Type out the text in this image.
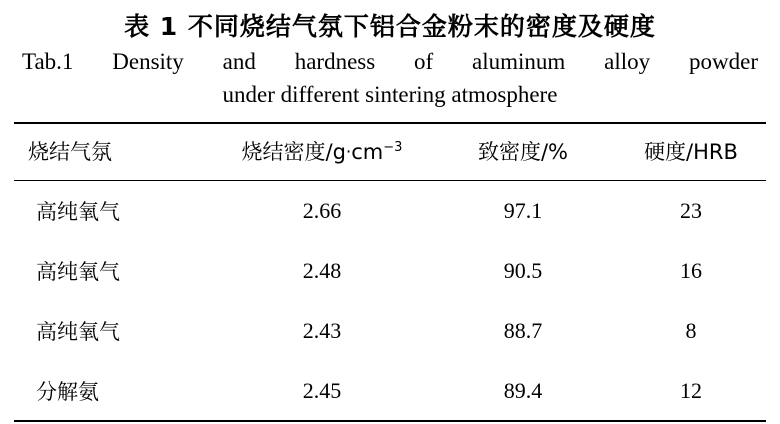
表 1 不同烧结气氛下铝合金粉末的密度及硬度
Tab.1 Density and hardness of aluminum alloy powder
under different sintering atmosphere
烧结气氛	烧结密度$/g\cdot cm^{-3}$	致密度/%	硬度/HRB
高纯氧气	2.66	97.1	23
高纯氧气	2.48	90.5	16
高纯氧气	2.43	88.7	8
分解氨	2.45	89.4	12
